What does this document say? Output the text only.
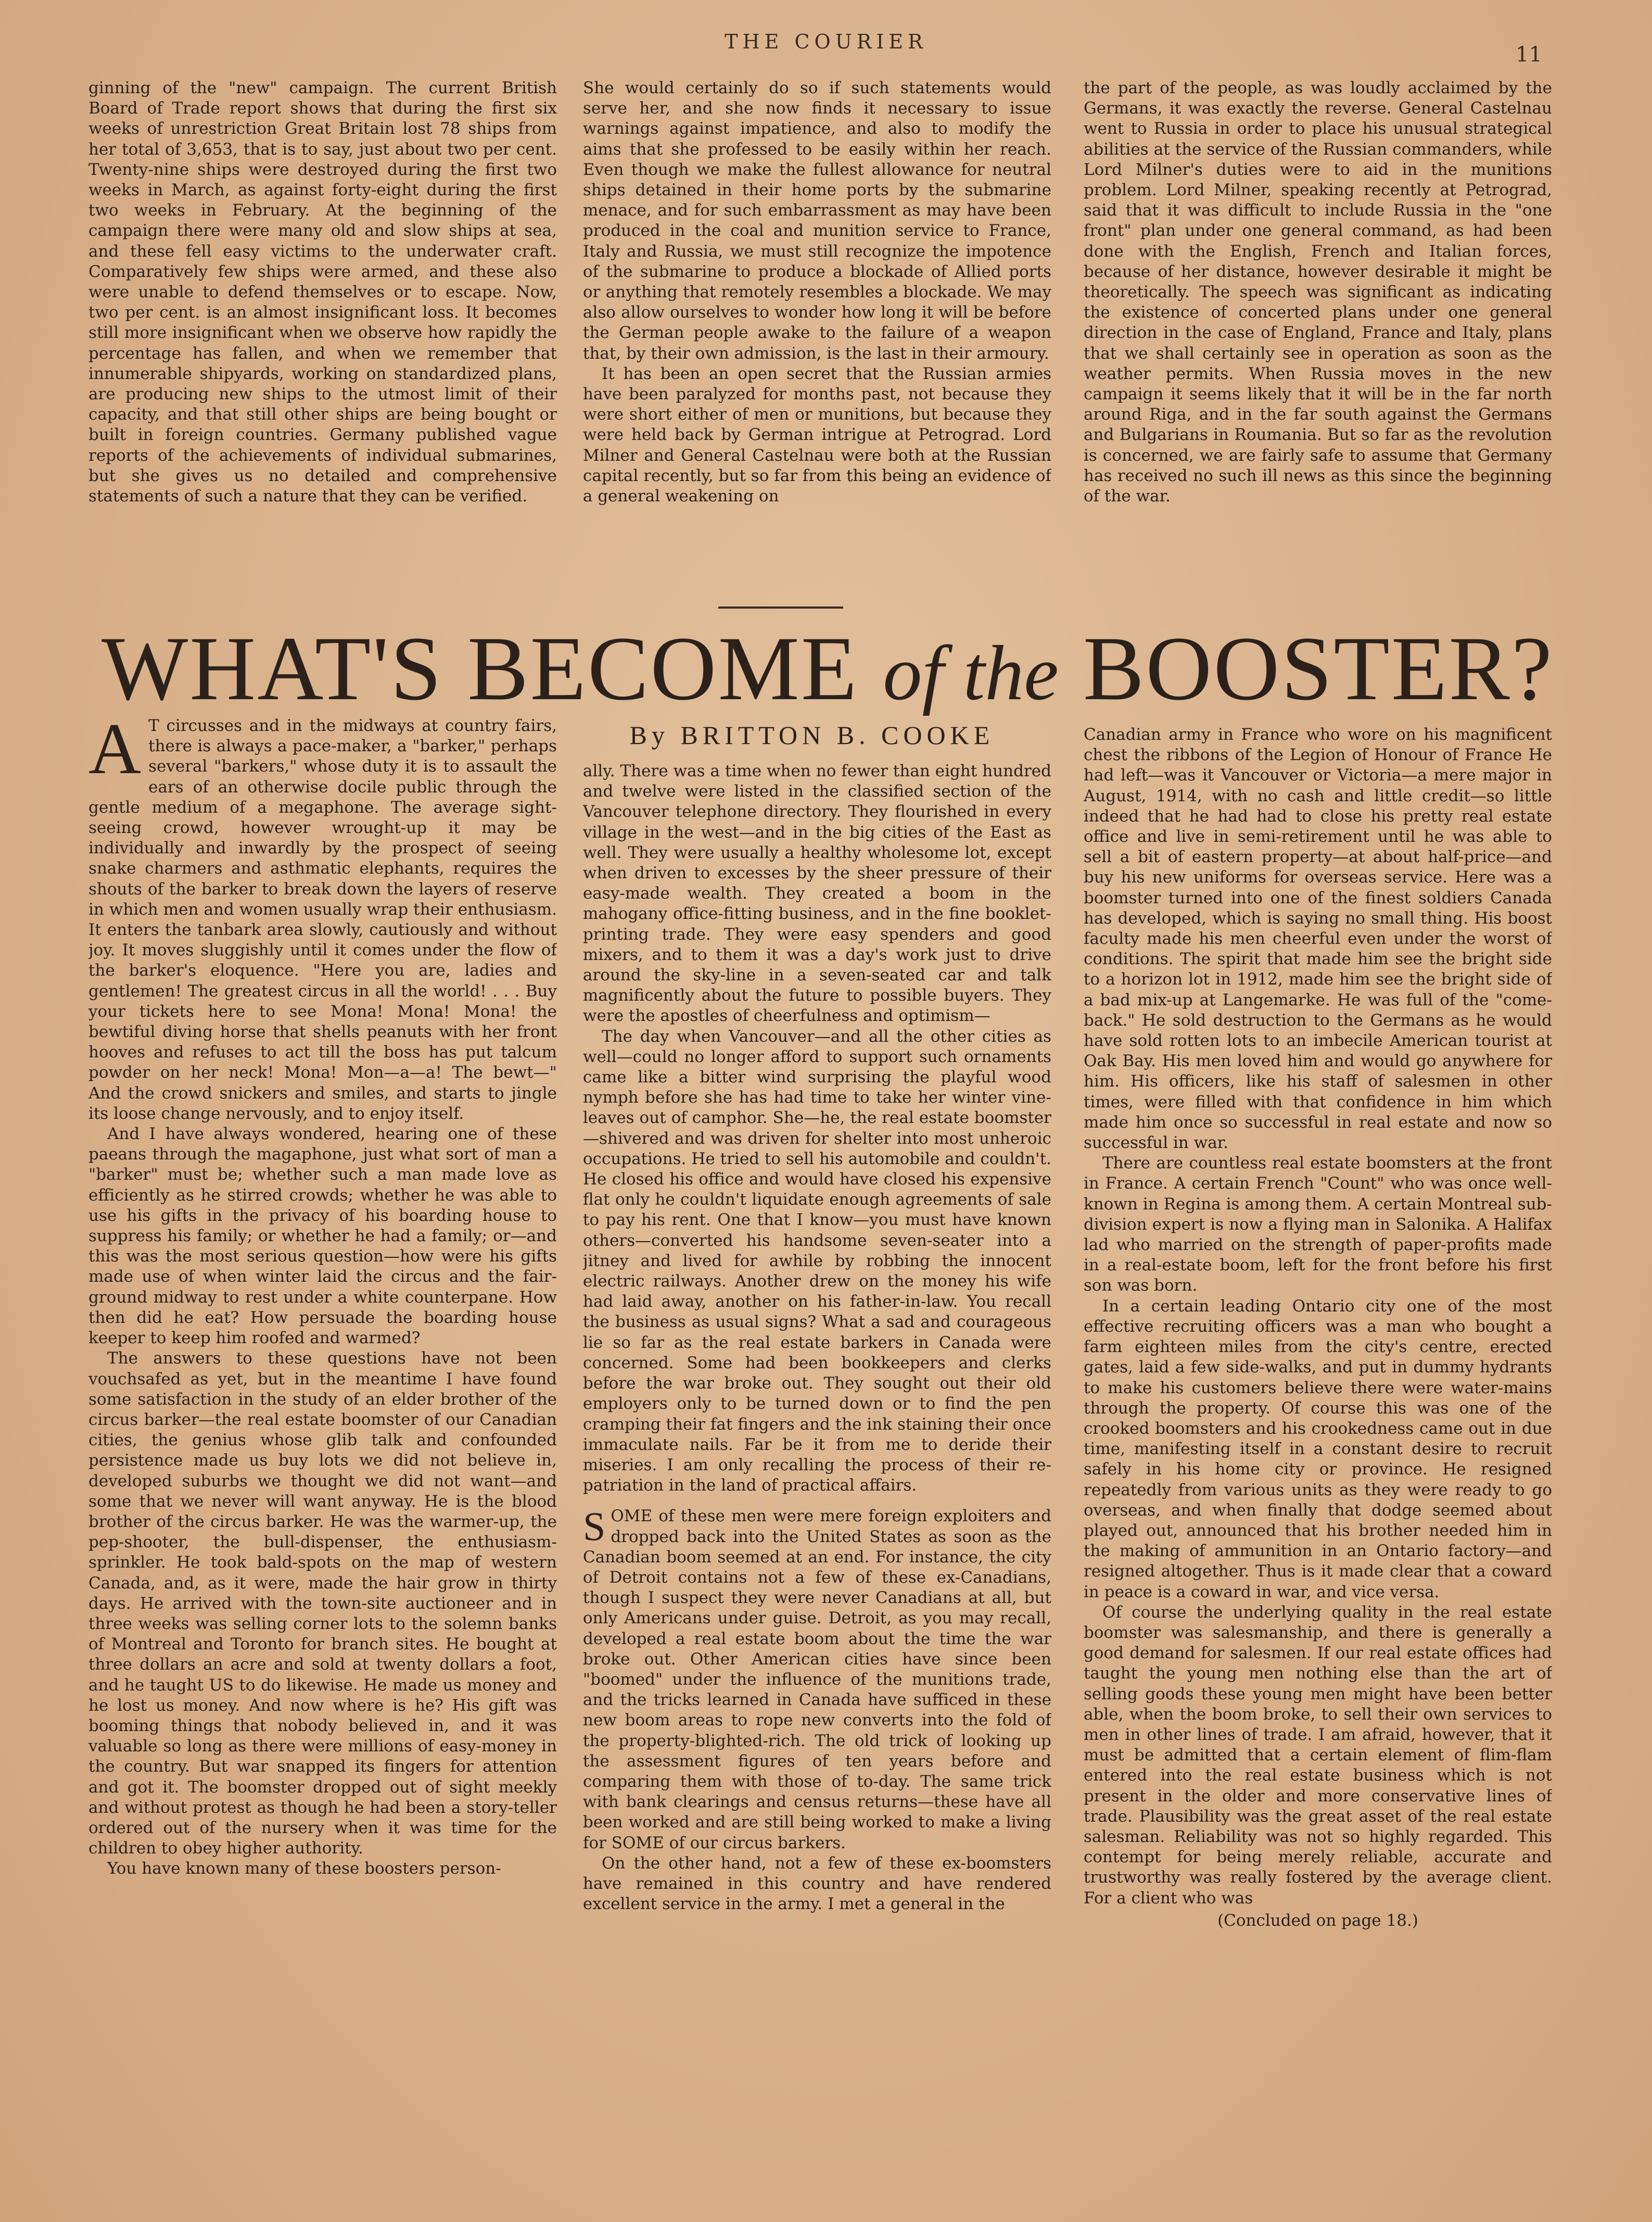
THE COURIER
11

ginning of the "new" campaign. The current British Board of Trade report shows that during the first six weeks of unrestriction Great Britain lost 78 ships from her total of 3,653, that is to say, just about two per cent. Twenty-nine ships were destroyed during the first two weeks in March, as against forty-eight during the first two weeks in February. At the beginning of the campaign there were many old and slow ships at sea, and these fell easy victims to the underwater craft. Comparatively few ships were armed, and these also were unable to defend themselves or to escape. Now, two per cent. is an almost insignificant loss. It becomes still more insignificant when we observe how rapidly the percentage has fallen, and when we remember that innumerable shipyards, working on standardized plans, are producing new ships to the utmost limit of their capacity, and that still other ships are being bought or built in foreign countries. Germany published vague reports of the achievements of individual submarines, but she gives us no detailed and comprehensive statements of such a nature that they can be verified.

She would certainly do so if such statements would serve her, and she now finds it necessary to issue warnings against impatience, and also to modify the aims that she professed to be easily within her reach. Even though we make the fullest allowance for neutral ships detained in their home ports by the submarine menace, and for such embarrassment as may have been produced in the coal and munition service to France, Italy and Russia, we must still recognize the impotence of the submarine to produce a blockade of Allied ports or anything that remotely resembles a blockade. We may also allow ourselves to wonder how long it will be before the German people awake to the failure of a weapon that, by their own admission, is the last in their armoury.

It has been an open secret that the Russian armies have been paralyzed for months past, not because they were short either of men or munitions, but because they were held back by German intrigue at Petrograd. Lord Milner and General Castelnau were both at the Russian capital recently, but so far from this being an evidence of a general weakening on

the part of the people, as was loudly acclaimed by the Germans, it was exactly the reverse. General Castelnau went to Russia in order to place his unusual strategical abilities at the service of the Russian commanders, while Lord Milner's duties were to aid in the munitions problem. Lord Milner, speaking recently at Petrograd, said that it was difficult to include Russia in the "one front" plan under one general command, as had been done with the English, French and Italian forces, because of her distance, however desirable it might be theoretically. The speech was significant as indicating the existence of concerted plans under one general direction in the case of England, France and Italy, plans that we shall certainly see in operation as soon as the weather permits. When Russia moves in the new campaign it seems likely that it will be in the far north around Riga, and in the far south against the Germans and Bulgarians in Roumania. But so far as the revolution is concerned, we are fairly safe to assume that Germany has received no such ill news as this since the beginning of the war.

WHAT'S BECOME of the BOOSTER?
By BRITTON B. COOKE
A T circusses and in the midways at country fairs, there is always a pace-maker, a "barker," perhaps several "barkers," whose duty it is to assault the ears of an otherwise docile public through the gentle medium of a megaphone. The average sight-seeing crowd, however wrought-up it may be individually and inwardly by the prospect of seeing snake charmers and asthmatic elephants, requires the shouts of the barker to break down the layers of reserve in which men and women usually wrap their enthusiasm. It enters the tanbark area slowly, cautiously and without joy. It moves sluggishly until it comes under the flow of the barker's eloquence. "Here you are, ladies and gentlemen! The greatest circus in all the world! . . . Buy your tickets here to see Mona! Mona! Mona! the bewtiful diving horse that shells peanuts with her front hooves and refuses to act till the boss has put talcum powder on her neck! Mona! Mon—a—a! The bewt—" And the crowd snickers and smiles, and starts to jingle its loose change nervously, and to enjoy itself.

And I have always wondered, hearing one of these paeans through the magaphone, just what sort of man a "barker" must be; whether such a man made love as efficiently as he stirred crowds; whether he was able to use his gifts in the privacy of his boarding house to suppress his family; or whether he had a family; or—and this was the most serious question—how were his gifts made use of when winter laid the circus and the fair-ground midway to rest under a white counterpane. How then did he eat? How persuade the boarding house keeper to keep him roofed and warmed?

The answers to these questions have not been vouchsafed as yet, but in the meantime I have found some satisfaction in the study of an elder brother of the circus barker—the real estate boomster of our Canadian cities, the genius whose glib talk and confounded persistence made us buy lots we did not believe in, developed suburbs we thought we did not want—and some that we never will want anyway. He is the blood brother of the circus barker. He was the warmer-up, the pep-shooter, the bull-dispenser, the enthusiasm-sprinkler. He took bald-spots on the map of western Canada, and, as it were, made the hair grow in thirty days. He arrived with the town-site auctioneer and in three weeks was selling corner lots to the solemn banks of Montreal and Toronto for branch sites. He bought at three dollars an acre and sold at twenty dollars a foot, and he taught US to do likewise. He made us money and he lost us money. And now where is he? His gift was booming things that nobody believed in, and it was valuable so long as there were millions of easy-money in the country. But war snapped its fingers for attention and got it. The boomster dropped out of sight meekly and without protest as though he had been a story-teller ordered out of the nursery when it was time for the children to obey higher authority.

You have known many of these boosters person-

ally. There was a time when no fewer than eight hundred and twelve were listed in the classified section of the Vancouver telephone directory. They flourished in every village in the west—and in the big cities of the East as well. They were usually a healthy wholesome lot, except when driven to excesses by the sheer pressure of their easy-made wealth. They created a boom in the mahogany office-fitting business, and in the fine booklet-printing trade. They were easy spenders and good mixers, and to them it was a day's work just to drive around the sky-line in a seven-seated car and talk magnificently about the future to possible buyers. They were the apostles of cheerfulness and optimism—

The day when Vancouver—and all the other cities as well—could no longer afford to support such ornaments came like a bitter wind surprising the playful wood nymph before she has had time to take her winter vine-leaves out of camphor. She—he, the real estate boomster—shivered and was driven for shelter into most unheroic occupations. He tried to sell his automobile and couldn't. He closed his office and would have closed his expensive flat only he couldn't liquidate enough agreements of sale to pay his rent. One that I know—you must have known others—converted his handsome seven-seater into a jitney and lived for awhile by robbing the innocent electric railways. Another drew on the money his wife had laid away, another on his father-in-law. You recall the business as usual signs? What a sad and courageous lie so far as the real estate barkers in Canada were concerned. Some had been bookkeepers and clerks before the war broke out. They sought out their old employers only to be turned down or to find the pen cramping their fat fingers and the ink staining their once immaculate nails. Far be it from me to deride their miseries. I am only recalling the process of their re-patriation in the land of practical affairs.

S OME of these men were mere foreign exploiters and dropped back into the United States as soon as the Canadian boom seemed at an end. For instance, the city of Detroit contains not a few of these ex-Canadians, though I suspect they were never Canadians at all, but only Americans under guise. Detroit, as you may recall, developed a real estate boom about the time the war broke out. Other American cities have since been "boomed" under the influence of the munitions trade, and the tricks learned in Canada have sufficed in these new boom areas to rope new converts into the fold of the property-blighted-rich. The old trick of looking up the assessment figures of ten years before and comparing them with those of to-day. The same trick with bank clearings and census returns—these have all been worked and are still being worked to make a living for SOME of our circus barkers.

On the other hand, not a few of these ex-boomsters have remained in this country and have rendered excellent service in the army. I met a general in the

Canadian army in France who wore on his magnificent chest the ribbons of the Legion of Honour of France He had left—was it Vancouver or Victoria—a mere major in August, 1914, with no cash and little credit—so little indeed that he had had to close his pretty real estate office and live in semi-retirement until he was able to sell a bit of eastern property—at about half-price—and buy his new uniforms for overseas service. Here was a boomster turned into one of the finest soldiers Canada has developed, which is saying no small thing. His boost faculty made his men cheerful even under the worst of conditions. The spirit that made him see the bright side to a horizon lot in 1912, made him see the bright side of a bad mix-up at Langemarke. He was full of the "come-back." He sold destruction to the Germans as he would have sold rotten lots to an imbecile American tourist at Oak Bay. His men loved him and would go anywhere for him. His officers, like his staff of salesmen in other times, were filled with that confidence in him which made him once so successful in real estate and now so successful in war.

There are countless real estate boomsters at the front in France. A certain French "Count" who was once well-known in Regina is among them. A certain Montreal sub-division expert is now a flying man in Salonika. A Halifax lad who married on the strength of paper-profits made in a real-estate boom, left for the front before his first son was born.

In a certain leading Ontario city one of the most effective recruiting officers was a man who bought a farm eighteen miles from the city's centre, erected gates, laid a few side-walks, and put in dummy hydrants to make his customers believe there were water-mains through the property. Of course this was one of the crooked boomsters and his crookedness came out in due time, manifesting itself in a constant desire to recruit safely in his home city or province. He resigned repeatedly from various units as they were ready to go overseas, and when finally that dodge seemed about played out, announced that his brother needed him in the making of ammunition in an Ontario factory—and resigned altogether. Thus is it made clear that a coward in peace is a coward in war, and vice versa.

Of course the underlying quality in the real estate boomster was salesmanship, and there is generally a good demand for salesmen. If our real estate offices had taught the young men nothing else than the art of selling goods these young men might have been better able, when the boom broke, to sell their own services to men in other lines of trade. I am afraid, however, that it must be admitted that a certain element of flim-flam entered into the real estate business which is not present in the older and more conservative lines of trade. Plausibility was the great asset of the real estate salesman. Reliability was not so highly regarded. This contempt for being merely reliable, accurate and trustworthy was really fostered by the average client. For a client who was

(Concluded on page 18.)
